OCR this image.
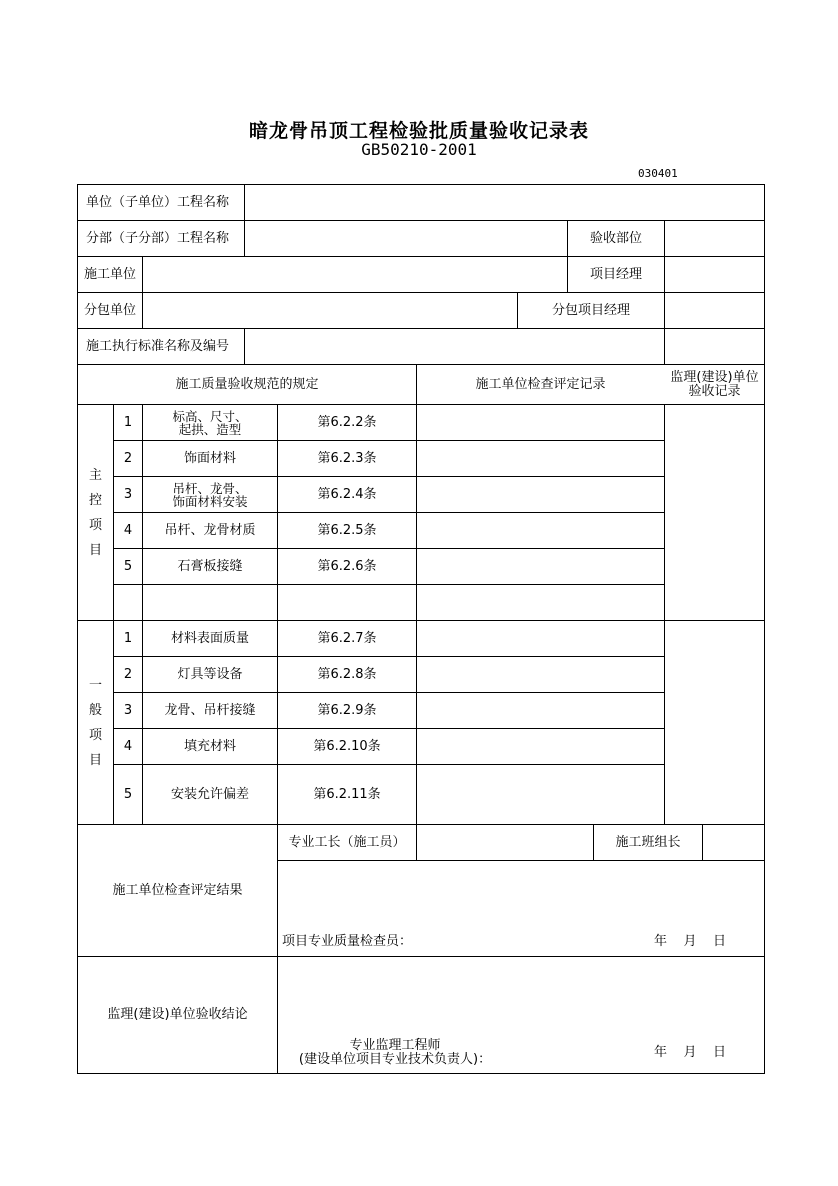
暗龙骨吊顶工程检验批质量验收记录表
GB50210-2001
030401
单位（子单位）工程名称
分部（子分部）工程名称	验收部位
施工单位	项目经理
分包单位	分包项目经理
施工执行标准名称及编号
施工质量验收规范的规定	施工单位检查评定记录	监理(建设)单位
验收记录
主
控
项
目
1	标高、尺寸、
起拱、造型	第6.2.2条
2	饰面材料	第6.2.3条
3	吊杆、龙骨、
饰面材料安装	第6.2.4条
4	吊杆、龙骨材质	第6.2.5条
5	石膏板接缝	第6.2.6条
一
般
项
目
1	材料表面质量	第6.2.7条
2	灯具等设备	第6.2.8条
3	龙骨、吊杆接缝	第6.2.9条
4	填充材料	第6.2.10条
5	安装允许偏差	第6.2.11条
施工单位检查评定结果
专业工长（施工员）	施工班组长
项目专业质量检查员：	年    月    日
监理(建设)单位验收结论
专业监理工程师
(建设单位项目专业技术负责人)：	年    月    日
